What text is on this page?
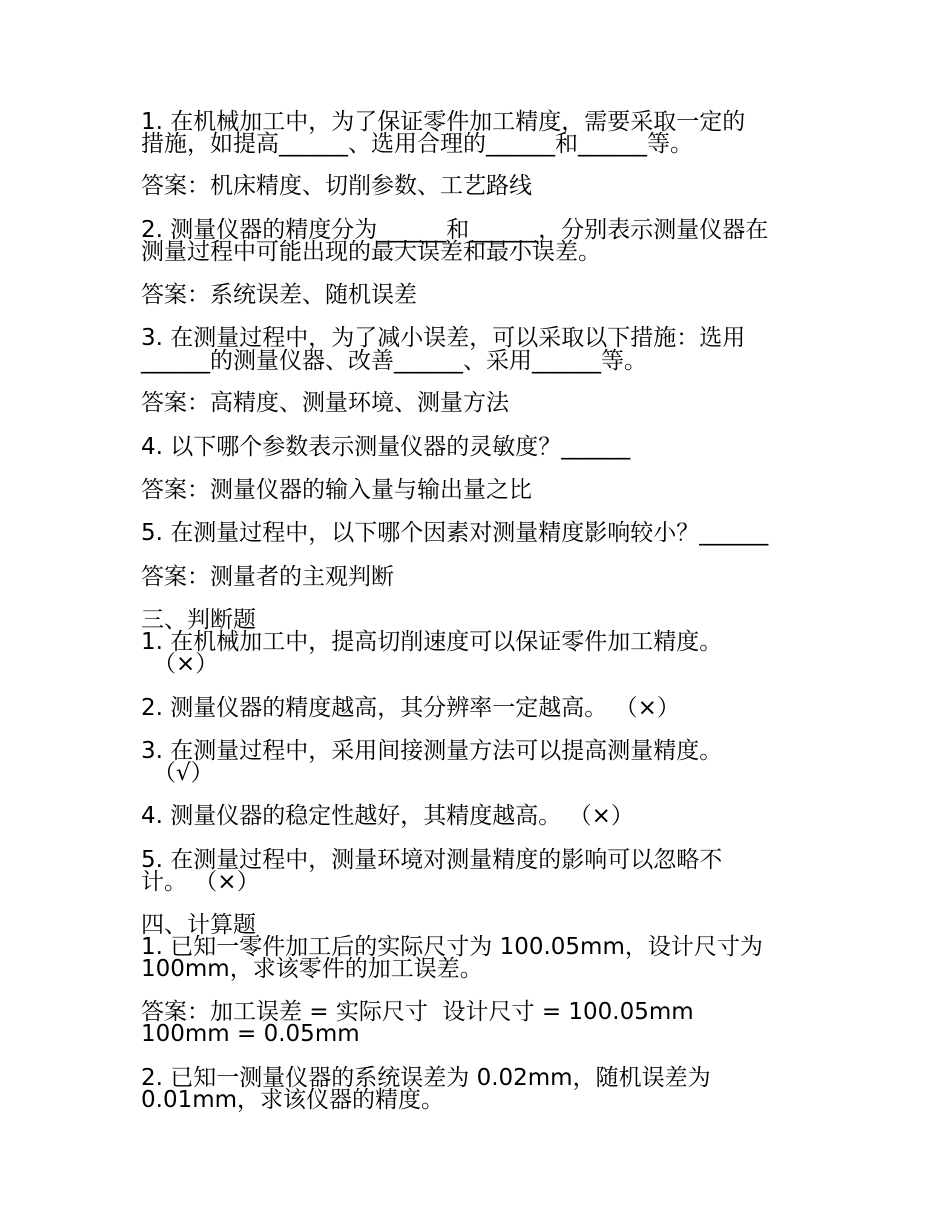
1. 在机械加工中，为了保证零件加工精度，需要采取一定的

措施，如提高______、选用合理的______和______等。

答案：机床精度、切削参数、工艺路线

2. 测量仪器的精度分为______和______，分别表示测量仪器在

测量过程中可能出现的最大误差和最小误差。

答案：系统误差、随机误差

3. 在测量过程中，为了减小误差，可以采取以下措施：选用

______的测量仪器、改善______、采用______等。

答案：高精度、测量环境、测量方法

4. 以下哪个参数表示测量仪器的灵敏度？______

答案：测量仪器的输入量与输出量之比

5. 在测量过程中，以下哪个因素对测量精度影响较小？______

答案：测量者的主观判断

三、判断题

1. 在机械加工中，提高切削速度可以保证零件加工精度。

（×）

2. 测量仪器的精度越高，其分辨率一定越高。 （×）

3. 在测量过程中，采用间接测量方法可以提高测量精度。

（√）

4. 测量仪器的稳定性越好，其精度越高。 （×）

5. 在测量过程中，测量环境对测量精度的影响可以忽略不

计。 （×）

四、计算题

1. 已知一零件加工后的实际尺寸为 100.05mm，设计尺寸为

100mm，求该零件的加工误差。

答案：加工误差 = 实际尺寸  设计尺寸 = 100.05mm

100mm = 0.05mm

2. 已知一测量仪器的系统误差为 0.02mm，随机误差为

0.01mm，求该仪器的精度。
